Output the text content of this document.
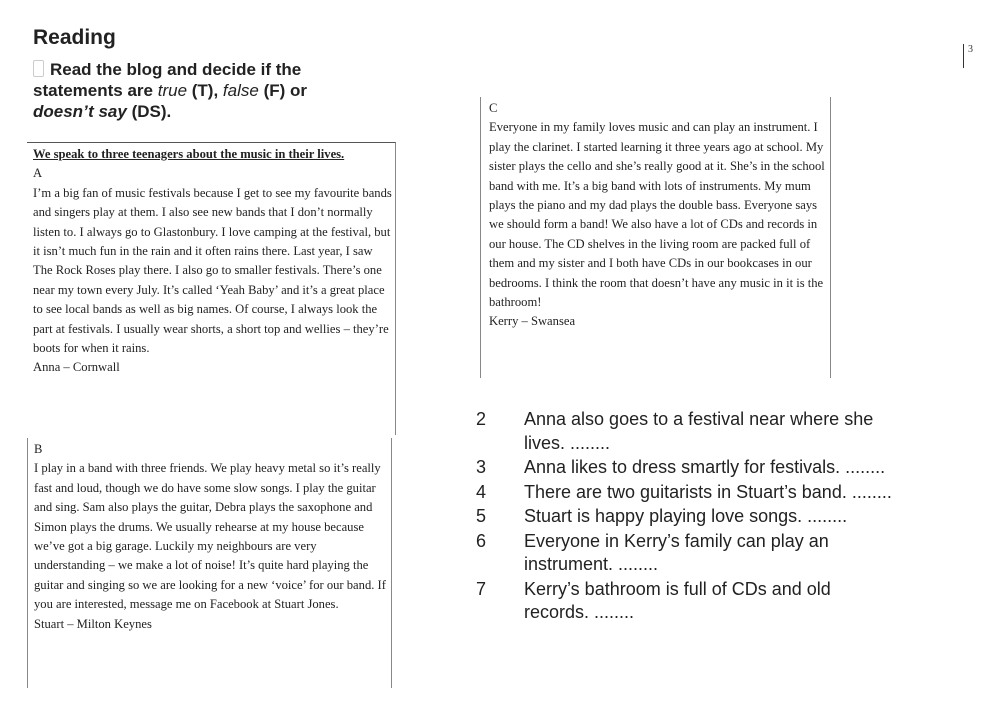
Reading
Read the blog and decide if the statements are true (T), false (F) or doesn’t say (DS).
3
We speak to three teenagers about the music in their lives.
A
I’m a big fan of music festivals because I get to see my favourite bands and singers play at them. I also see new bands that I don’t normally listen to. I always go to Glastonbury. I love camping at the festival, but it isn’t much fun in the rain and it often rains there. Last year, I saw The Rock Roses play there. I also go to smaller festivals. There’s one near my town every July. It’s called ‘Yeah Baby’ and it’s a great place to see local bands as well as big names. Of course, I always look the part at festivals. I usually wear shorts, a short top and wellies – they’re boots for when it rains.
Anna – Cornwall
B
I play in a band with three friends. We play heavy metal so it’s really fast and loud, though we do have some slow songs. I play the guitar and sing. Sam also plays the guitar, Debra plays the saxophone and Simon plays the drums. We usually rehearse at my house because we’ve got a big garage. Luckily my neighbours are very understanding – we make a lot of noise! It’s quite hard playing the guitar and singing so we are looking for a new ‘voice’ for our band. If you are interested, message me on Facebook at Stuart Jones.
Stuart – Milton Keynes
C
Everyone in my family loves music and can play an instrument. I play the clarinet. I started learning it three years ago at school. My sister plays the cello and she’s really good at it. She’s in the school band with me. It’s a big band with lots of instruments. My mum plays the piano and my dad plays the double bass. Everyone says we should form a band! We also have a lot of CDs and records in our house. The CD shelves in the living room are packed full of them and my sister and I both have CDs in our bookcases in our bedrooms. I think the room that doesn’t have any music in it is the bathroom!
Kerry – Swansea
2 Anna also goes to a festival near where she lives. ........
3 Anna likes to dress smartly for festivals. ........
4 There are two guitarists in Stuart’s band. ........
5 Stuart is happy playing love songs. ........
6 Everyone in Kerry’s family can play an instrument. ........
7 Kerry’s bathroom is full of CDs and old records. ........
